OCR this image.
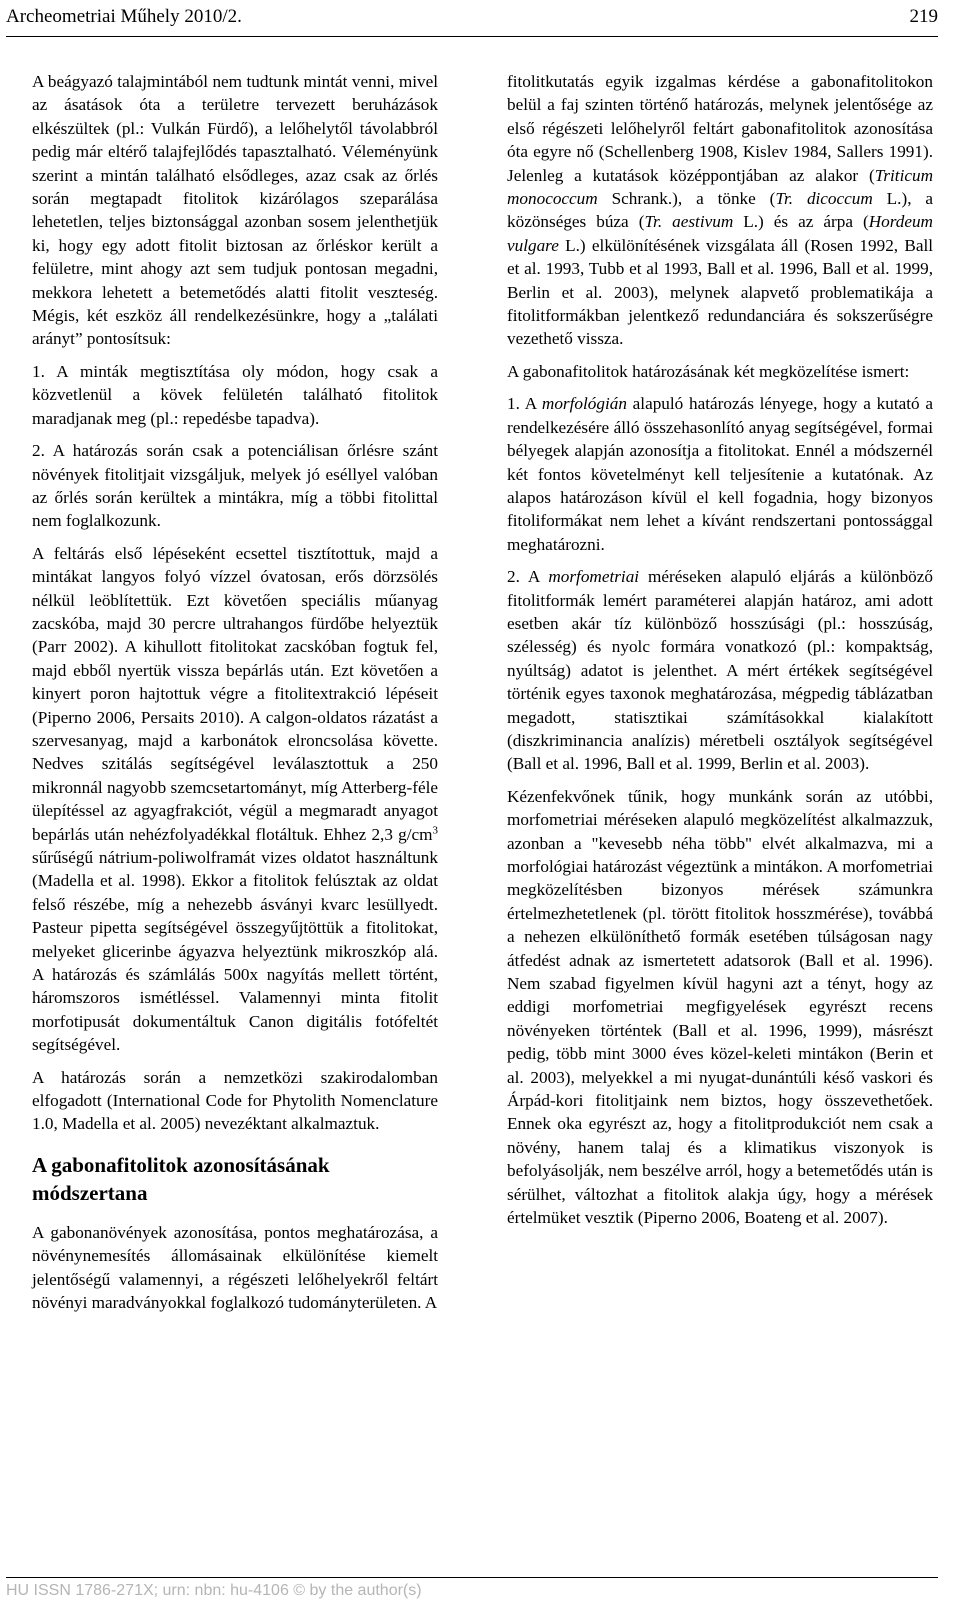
Archeometriai Műhely 2010/2.	219

A beágyazó talajmintából nem tudtunk mintát venni, mivel az ásatások óta a területre tervezett beruházások elkészültek (pl.: Vulkán Fürdő), a lelőhelytől távolabbról pedig már eltérő talajfejlődés tapasztalható. Véleményünk szerint a mintán található elsődleges, azaz csak az őrlés során megtapadt fitolitok kizárólagos szeparálása lehetetlen, teljes biztonsággal azonban sosem jelenthetjük ki, hogy egy adott fitolit biztosan az őrléskor került a felületre, mint ahogy azt sem tudjuk pontosan megadni, mekkora lehetett a betemetődés alatti fitolit veszteség. Mégis, két eszköz áll rendelkezésünkre, hogy a „találati arányt” pontosítsuk:

1. A minták megtisztítása oly módon, hogy csak a közvetlenül a kövek felületén található fitolitok maradjanak meg (pl.: repedésbe tapadva).

2. A határozás során csak a potenciálisan őrlésre szánt növények fitolitjait vizsgáljuk, melyek jó eséllyel valóban az őrlés során kerültek a mintákra, míg a többi fitolittal nem foglalkozunk.

A feltárás első lépéseként ecsettel tisztítottuk, majd a mintákat langyos folyó vízzel óvatosan, erős dörzsölés nélkül leöblítettük. Ezt követően speciális műanyag zacskóba, majd 30 percre ultrahangos fürdőbe helyeztük (Parr 2002). A kihullott fitolitokat zacskóban fogtuk fel, majd ebből nyertük vissza bepárlás után. Ezt követően a kinyert poron hajtottuk végre a fitolitextrakció lépéseit (Piperno 2006, Persaits 2010). A calgon-oldatos rázatást a szervesanyag, majd a karbonátok elroncsolása követte. Nedves szitálás segítségével leválasztottuk a 250 mikronnál nagyobb szemcsetartományt, míg Atterberg-féle ülepítéssel az agyagfrakciót, végül a megmaradt anyagot bepárlás után nehézfolyadékkal flotáltuk. Ehhez 2,3 $g/cm^3$ sűrűségű nátrium-poliwolframát vizes oldatot használtunk (Madella et al. 1998). Ekkor a fitolitok felúsztak az oldat felső részébe, míg a nehezebb ásványi kvarc lesüllyedt. Pasteur pipetta segítségével összegyűjtöttük a fitolitokat, melyeket glicerinbe ágyazva helyeztünk mikroszkóp alá. A határozás és számlálás 500x nagyítás mellett történt, háromszoros ismétléssel. Valamennyi minta fitolit morfotipusát dokumentáltuk Canon digitális fotófeltét segítségével.

A határozás során a nemzetközi szakirodalomban elfogadott (International Code for Phytolith Nomenclature 1.0, Madella et al. 2005) nevezéktant alkalmaztuk.

A gabonafitolitok azonosításának módszertana

A gabonanövények azonosítása, pontos meghatározása, a növénynemesítés állomásainak elkülönítése kiemelt jelentőségű valamennyi, a régészeti lelőhelyekről feltárt növényi maradványokkal foglalkozó tudományterületen. A

fitolitkutatás egyik izgalmas kérdése a gabonafitolitokon belül a faj szinten történő határozás, melynek jelentősége az első régészeti lelőhelyről feltárt gabonafitolitok azonosítása óta egyre nő (Schellenberg 1908, Kislev 1984, Sallers 1991). Jelenleg a kutatások középpontjában az alakor (Triticum monococcum Schrank.), a tönke (Tr. dicoccum L.), a közönséges búza (Tr. aestivum L.) és az árpa (Hordeum vulgare L.) elkülönítésének vizsgálata áll (Rosen 1992, Ball et al. 1993, Tubb et al 1993, Ball et al. 1996, Ball et al. 1999, Berlin et al. 2003), melynek alapvető problematikája a fitolitformákban jelentkező redundanciára és sokszerűségre vezethető vissza.

A gabonafitolitok határozásának két megközelítése ismert:

1. A morfológián alapuló határozás lényege, hogy a kutató a rendelkezésére álló összehasonlító anyag segítségével, formai bélyegek alapján azonosítja a fitolitokat. Ennél a módszernél két fontos követelményt kell teljesítenie a kutatónak. Az alapos határozáson kívül el kell fogadnia, hogy bizonyos fitoliformákat nem lehet a kívánt rendszertani pontossággal meghatározni.

2. A morfometriai méréseken alapuló eljárás a különböző fitolitformák lemért paraméterei alapján határoz, ami adott esetben akár tíz különböző hosszúsági (pl.: hosszúság, szélesség) és nyolc formára vonatkozó (pl.: kompaktság, nyúltság) adatot is jelenthet. A mért értékek segítségével történik egyes taxonok meghatározása, mégpedig táblázatban megadott, statisztikai számításokkal kialakított (diszkriminancia analízis) méretbeli osztályok segítségével (Ball et al. 1996, Ball et al. 1999, Berlin et al. 2003).

Kézenfekvőnek tűnik, hogy munkánk során az utóbbi, morfometriai méréseken alapuló megközelítést alkalmazzuk, azonban a "kevesebb néha több" elvét alkalmazva, mi a morfológiai határozást végeztünk a mintákon. A morfometriai megközelítésben bizonyos mérések számunkra értelmezhetetlenek (pl. törött fitolitok hosszmérése), továbbá a nehezen elkülöníthető formák esetében túlságosan nagy átfedést adnak az ismertetett adatsorok (Ball et al. 1996). Nem szabad figyelmen kívül hagyni azt a tényt, hogy az eddigi morfometriai megfigyelések egyrészt recens növényeken történtek (Ball et al. 1996, 1999), másrészt pedig, több mint 3000 éves közel-keleti mintákon (Berin et al. 2003), melyekkel a mi nyugat-dunántúli késő vaskori és Árpád-kori fitolitjaink nem biztos, hogy összevethetőek. Ennek oka egyrészt az, hogy a fitolitprodukciót nem csak a növény, hanem talaj és a klimatikus viszonyok is befolyásolják, nem beszélve arról, hogy a betemetődés után is sérülhet, változhat a fitolitok alakja úgy, hogy a mérések értelmüket vesztik (Piperno 2006, Boateng et al. 2007).

HU ISSN 1786-271X; urn: nbn: hu-4106 © by the author(s)
